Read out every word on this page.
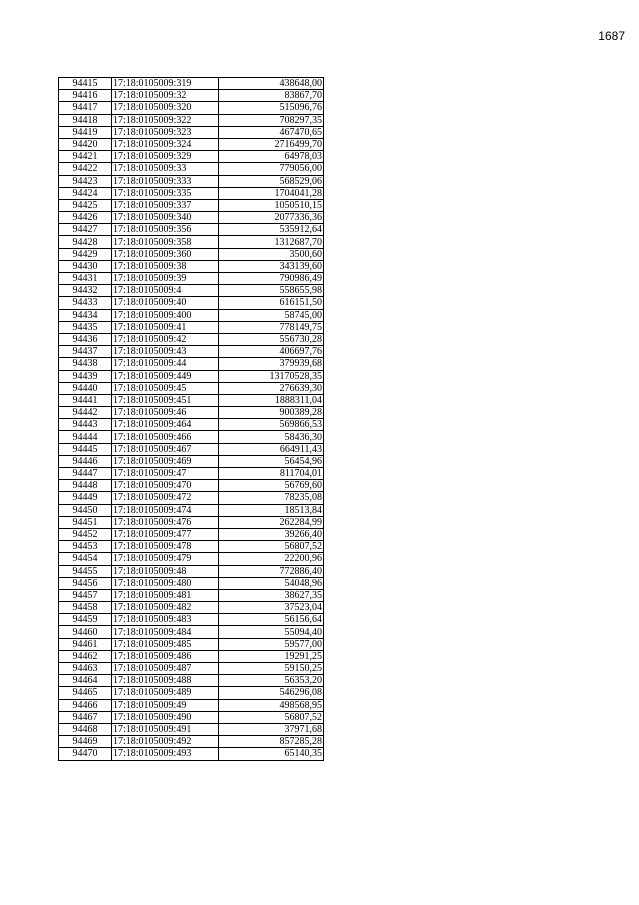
1687
94415	17:18:0105009:319	438648,00
94416	17:18:0105009:32	83867,70
94417	17:18:0105009:320	515096,76
94418	17:18:0105009:322	708297,35
94419	17:18:0105009:323	467470,65
94420	17:18:0105009:324	2716499,70
94421	17:18:0105009:329	64978,03
94422	17:18:0105009:33	779056,00
94423	17:18:0105009:333	568529,06
94424	17:18:0105009:335	1704041,28
94425	17:18:0105009:337	1050510,15
94426	17:18:0105009:340	2077336,36
94427	17:18:0105009:356	535912,64
94428	17:18:0105009:358	1312687,70
94429	17:18:0105009:360	3500,60
94430	17:18:0105009:38	343139,60
94431	17:18:0105009:39	790986,49
94432	17:18:0105009:4	558655,98
94433	17:18:0105009:40	616151,50
94434	17:18:0105009:400	58745,00
94435	17:18:0105009:41	778149,75
94436	17:18:0105009:42	556730,28
94437	17:18:0105009:43	406697,76
94438	17:18:0105009:44	379939,68
94439	17:18:0105009:449	13170528,35
94440	17:18:0105009:45	276639,30
94441	17:18:0105009:451	1888311,04
94442	17:18:0105009:46	900389,28
94443	17:18:0105009:464	569866,53
94444	17:18:0105009:466	58436,30
94445	17:18:0105009:467	664911,43
94446	17:18:0105009:469	56454,96
94447	17:18:0105009:47	811704,01
94448	17:18:0105009:470	56769,60
94449	17:18:0105009:472	78235,08
94450	17:18:0105009:474	18513,84
94451	17:18:0105009:476	262284,99
94452	17:18:0105009:477	39266,40
94453	17:18:0105009:478	56807,52
94454	17:18:0105009:479	22200,96
94455	17:18:0105009:48	772886,40
94456	17:18:0105009:480	54048,96
94457	17:18:0105009:481	38627,35
94458	17:18:0105009:482	37523,04
94459	17:18:0105009:483	56156,64
94460	17:18:0105009:484	55094,40
94461	17:18:0105009:485	59577,00
94462	17:18:0105009:486	19291,25
94463	17:18:0105009:487	59150,25
94464	17:18:0105009:488	56353,20
94465	17:18:0105009:489	546296,08
94466	17:18:0105009:49	498568,95
94467	17:18:0105009:490	56807,52
94468	17:18:0105009:491	37971,68
94469	17:18:0105009:492	857285,28
94470	17:18:0105009:493	65140,35
